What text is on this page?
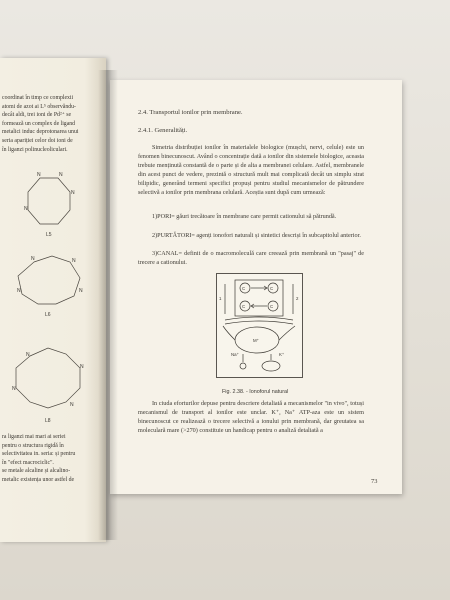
coordinat în timp ce complexii
atomi de azot ai L⁵ observăndu-
decât aldi, trei ioni de Pd²⁺ se
formează un complex de ligand
metalici induc deprotonarea unui
seria apariției celor doi ioni de
în liganzi polinucleoliculari.
N	N
N
N
N	N
N
N
N
N
N
N
L5
L6
L8
ra liganzi mai mari ai seriei
pentru o structura rigidă în
selectivitatea in. seria: și pentru
în "efect macrociclic".
se metale alcaline și alcalino-
metalic existența unor astfel de
2.4. Transportul ionilor prin membrane.
2.4.1. Generalități.
Simetria distribuției ionilor în materialele biologice (mușchi, nervi, celule) este un fenomen binecunoscut. Având o concentrație dată a ionilor din sistemele biologice, aceasta trebuie menținută constantă de o parte și de alta a membranei celulare. Astfel, membranele din acest punct de vedere, prezintă o structură mult mai complicată decât un simplu strat bilipidic, generând termeni specifici propuși pentru studiul mecanismelor de pătrundere selectivă a ionilor prin membrana celulară. Aceștia sunt după cum urmează:
1)PORI= găuri trecătoare în membrane care permit cationului să pătrundă.
2)PURTĂTORI= agenți ionofori naturali și sintetici descriși în subcapitolul anterior.
3)CANAL= definit de o macromoleculă care creează prin membrană un "pasaj" de trecere a cationului.
C	C
C	C
1	2
M⁺
Na⁺	K⁺
Fig. 2.38. - Ionoforul natural
In ciuda eforturilor depuse pentru descriere detaliată a mecanismelor "in vivo", totuși mecanismul de transport al ionilor este unclar. K⁺, Na⁺ ATP-aza este un sistem binecunoscut ce realizează o trecere selectivă a ionului prin membrană, dar greutatea sa moleculară mare (>270) constituie un handicap pentru o analiză detaliată a
73
